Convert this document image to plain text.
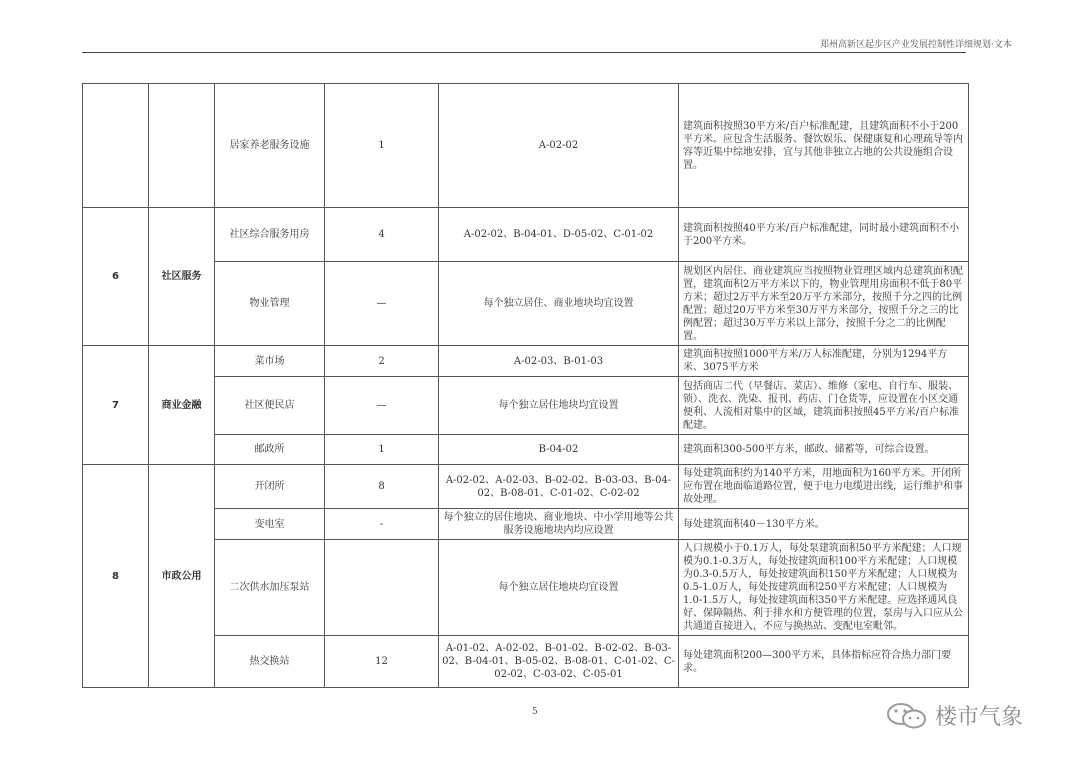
郑州高新区起步区产业发展控制性详细规划·文本
		居家养老服务设施	1	A-02-02	建筑面积按照30平方米/百户标准配建，且建筑面积不小于200平方米。应包含生活服务、餐饮娱乐、保健康复和心理疏导等内容等近集中综地安排，宜与其他非独立占地的公共设施组合设置。
6	社区服务	社区综合服务用房	4	A-02-02、B-04-01、D-05-02、C-01-02	建筑面积按照40平方米/百户标准配建，同时最小建筑面积不小于200平方米。
		物业管理	—	每个独立居住、商业地块均宜设置	规划区内居住、商业建筑应当按照物业管理区域内总建筑面积配置，建筑面积2万平方米以下的，物业管理用房面积不低于80平方米；超过2万平方米至20万平方米部分，按照千分之四的比例配置；超过20万平方米至30万平方米部分，按照千分之三的比例配置；超过30万平方米以上部分，按照千分之二的比例配置。
7	商业金融	菜市场	2	A-02-03、B-01-03	建筑面积按照1000平方米/万人标准配建，分别为1294平方米、3075平方米
		社区便民店	—	每个独立居住地块均宜设置	包括商店二代（早餐店、菜店）、维修（家电、自行车、服装、锁）、洗衣、洗染、报刊、药店、门仓货等，应设置在小区交通便利、人流相对集中的区域，建筑面积按照45平方米/百户标准配建。
		邮政所	1	B-04-02	建筑面积300-500平方米，邮政、储蓄等，可综合设置。
8	市政公用	开闭所	8	A-02-02、A-02-03、B-02-02、B-03-03、B-04-02、B-08-01、C-01-02、C-02-02	每处建筑面积约为140平方米，用地面积为160平方米。开闭所应布置在地面临道路位置，便于电力电缆进出线，运行维护和事故处理。
		变电室	-	每个独立的居住地块、商业地块、中小学用地等公共服务设施地块内均应设置	每处建筑面积40－130平方米。
		二次供水加压泵站		每个独立居住地块均宜设置	人口规模小于0.1万人，每处泵建筑面积50平方米配建；人口规模为0.1-0.3万人，每处按建筑面积100平方米配建；人口规模为0.3-0.5万人，每处按建筑面积150平方米配建；人口规模为0.5-1.0万人，每处按建筑面积250平方米配建；人口规模为1.0-1.5万人，每处按建筑面积350平方米配建。应选择通风良好、保障隔热、利于排水和方便管理的位置，泵房与入口应从公共通道直接进入，不应与换热站、变配电室毗邻。
		热交换站	12	A-01-02、A-02-02、B-01-02、B-02-02、B-03-02、B-04-01、B-05-02、B-08-01、C-01-02、C-02-02、C-03-02、C-05-01	每处建筑面积200—300平方米，具体指标应符合热力部门要求。
5	楼市气象
